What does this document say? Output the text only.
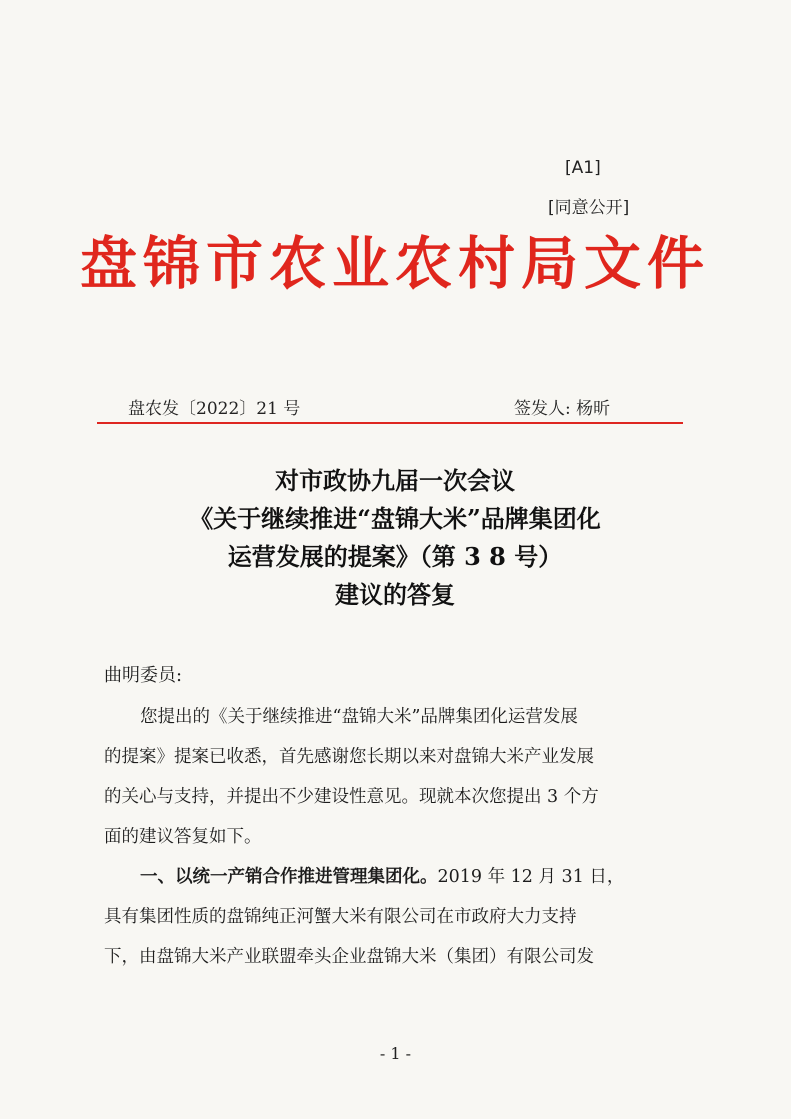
[A1]
[同意公开]
盘锦市农业农村局文件
盘农发〔2022〕21 号	签发人: 杨昕
对市政协九届一次会议
《关于继续推进“盘锦大米”品牌集团化
运营发展的提案》（第 3 8 号）
建议的答复
曲明委员:
您提出的《关于继续推进“盘锦大米”品牌集团化运营发展
的提案》提案已收悉，首先感谢您长期以来对盘锦大米产业发展
的关心与支持，并提出不少建设性意见。现就本次您提出 3 个方
面的建议答复如下。
一、以统一产销合作推进管理集团化。2019 年 12 月 31 日，
具有集团性质的盘锦纯正河蟹大米有限公司在市政府大力支持
下，由盘锦大米产业联盟牵头企业盘锦大米（集团）有限公司发
- 1 -
